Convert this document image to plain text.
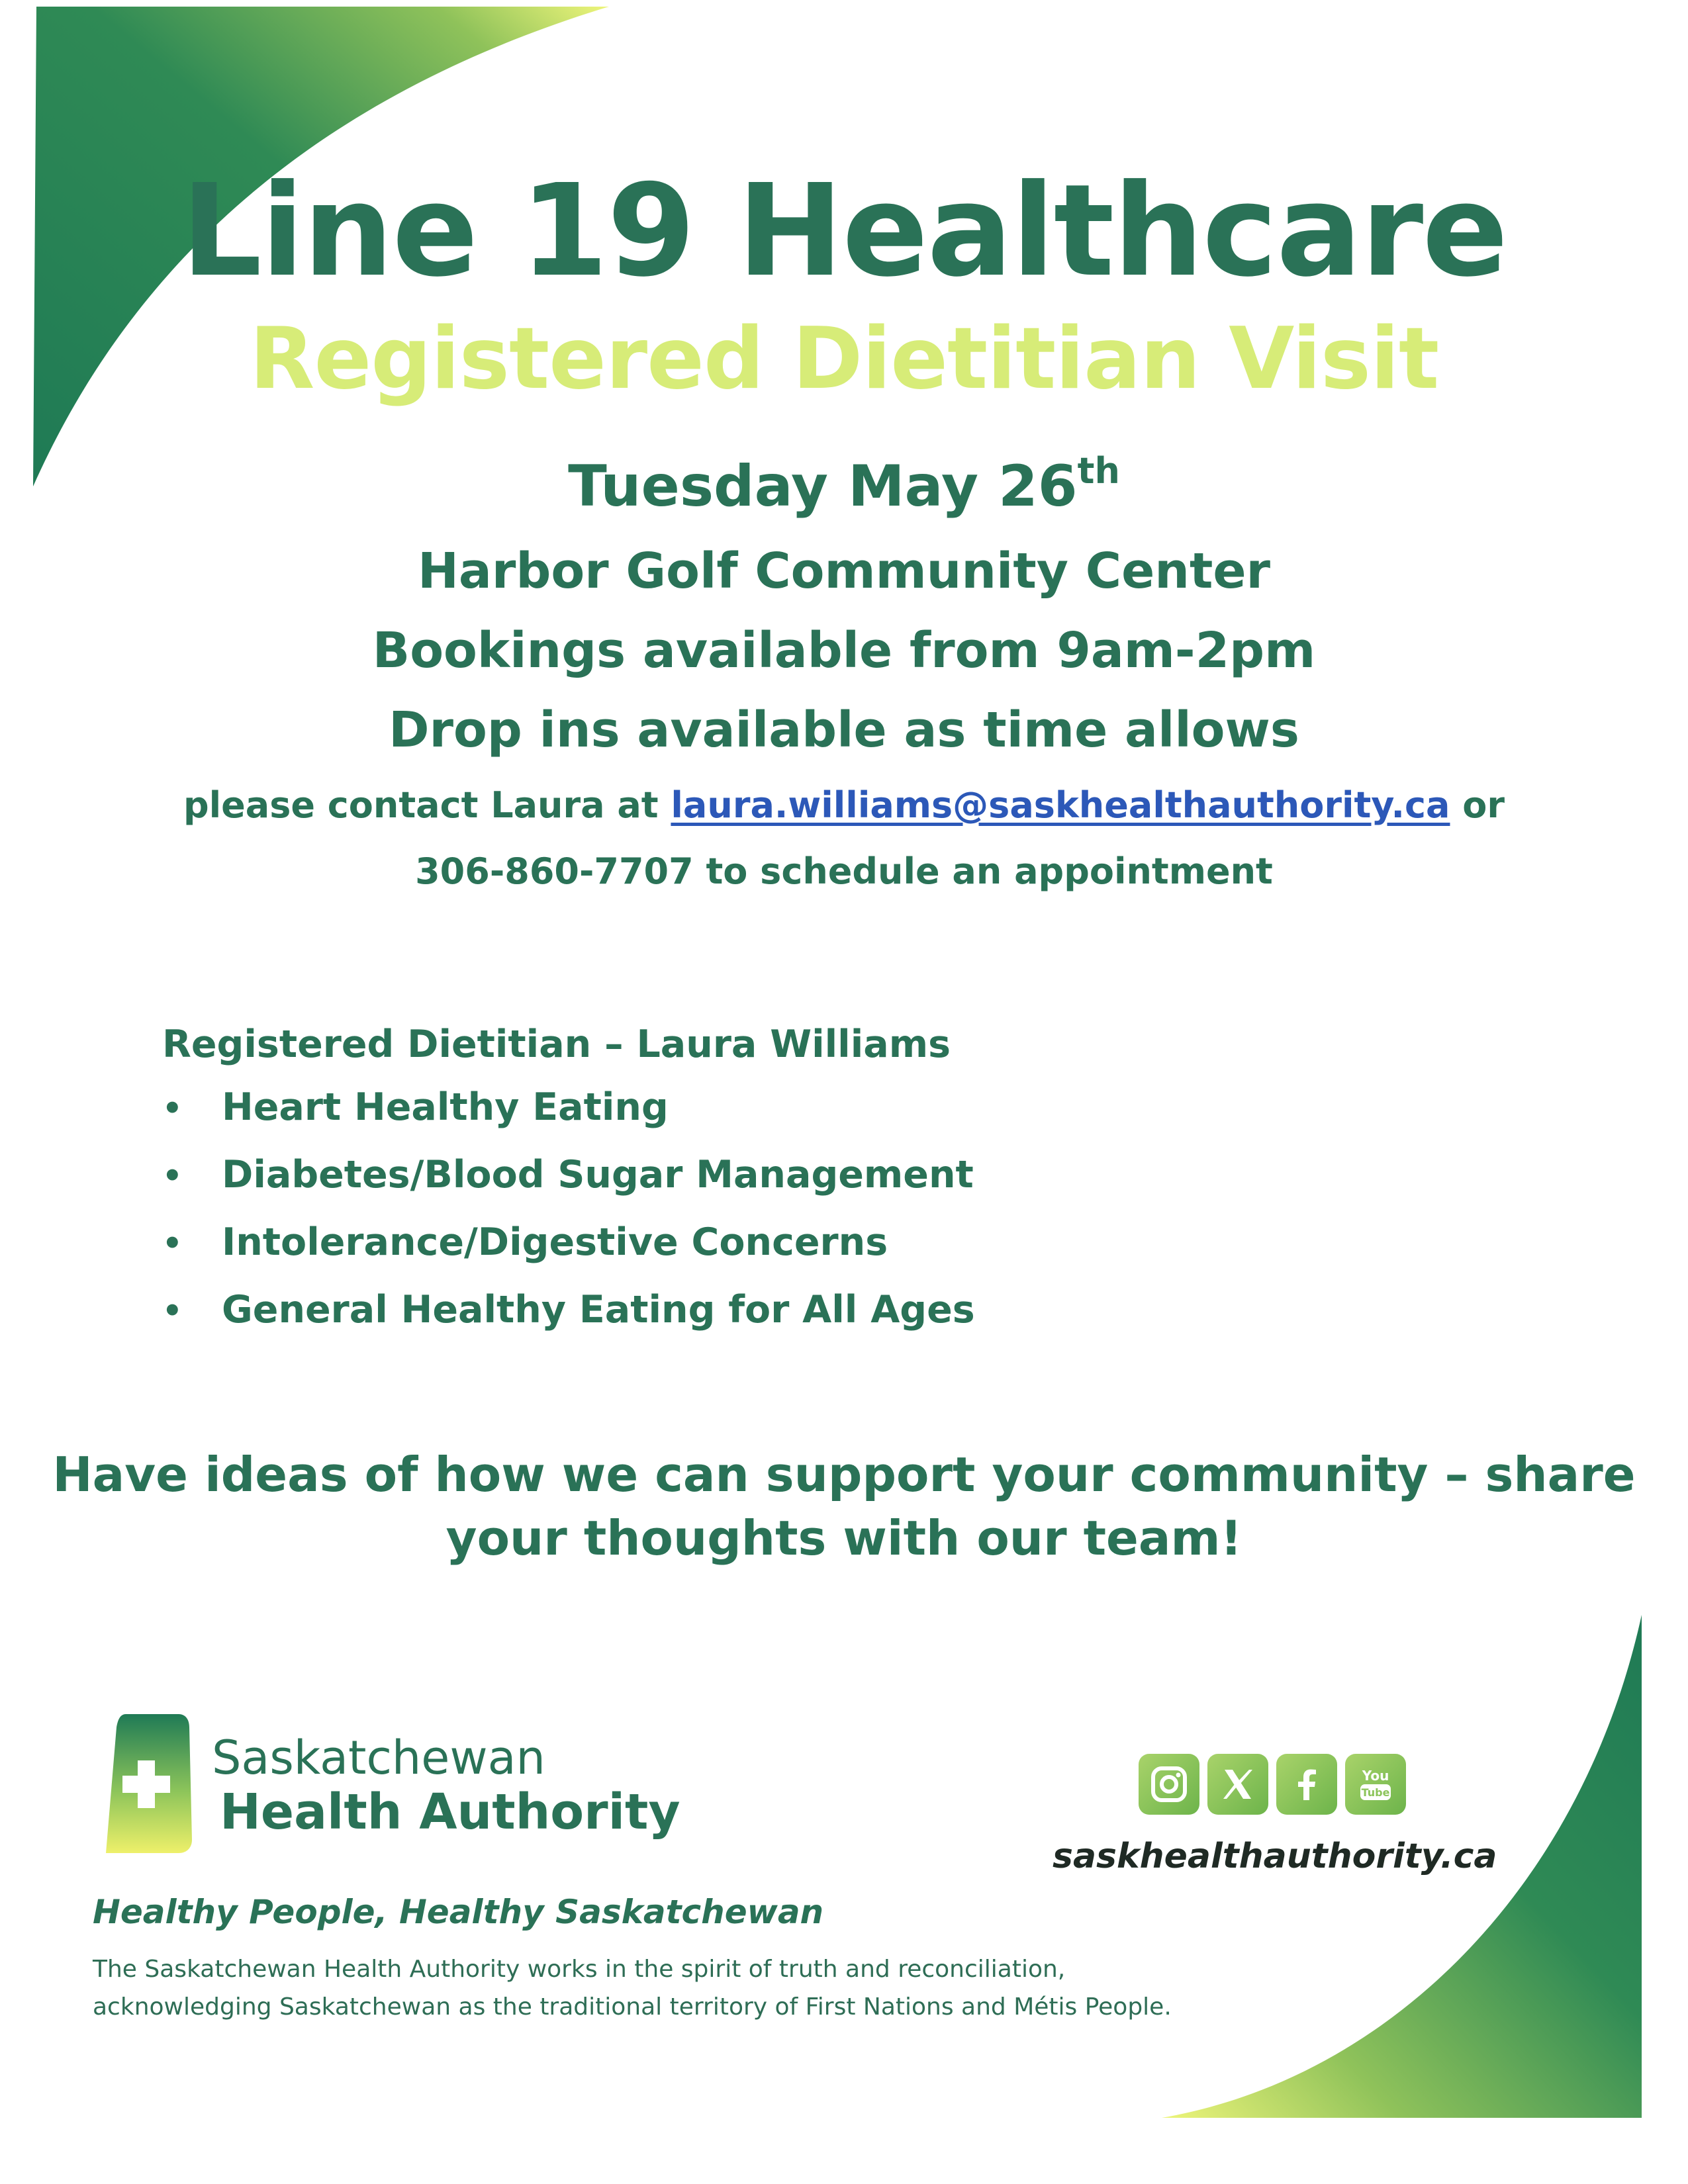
Line 19 Healthcare
Registered Dietitian Visit
Tuesday May 26th
Harbor Golf Community Center
Bookings available from 9am-2pm
Drop ins available as time allows
please contact Laura at laura.williams@saskhealthauthority.ca or
306-860-7707 to schedule an appointment
Registered Dietitian – Laura Williams
•	Heart Healthy Eating
•	Diabetes/Blood Sugar Management
•	Intolerance/Digestive Concerns
•	General Healthy Eating for All Ages
Have ideas of how we can support your community – share
your thoughts with our team!
Saskatchewan
Health Authority
Healthy People, Healthy Saskatchewan
The Saskatchewan Health Authority works in the spirit of truth and reconciliation,
acknowledging Saskatchewan as the traditional territory of First Nations and Métis People.
You
Tube
saskhealthauthority.ca
